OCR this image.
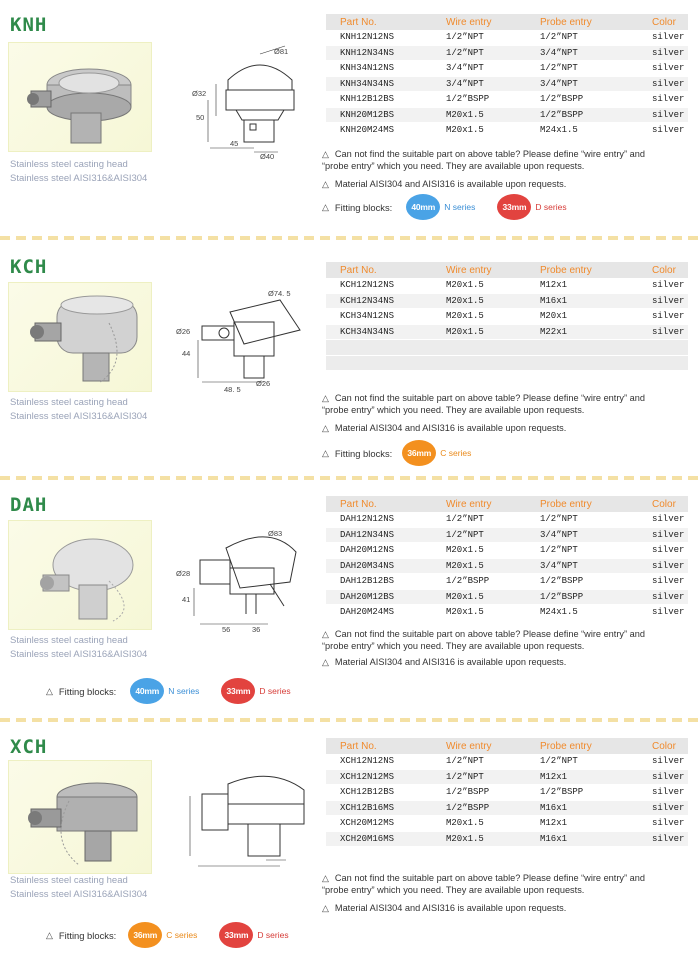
KNH
Stainless steel casting head
Stainless steel AISI316&AISI304
Ø81
Ø32
50
45
Ø40
Part No.	Wire entry	Probe entry	Color
KNH12N12NS	1/2”NPT	1/2”NPT	silver
KNH12N34NS	1/2”NPT	3/4”NPT	silver
KNH34N12NS	3/4”NPT	1/2”NPT	silver
KNH34N34NS	3/4”NPT	3/4”NPT	silver
KNH12B12BS	1/2”BSPP	1/2”BSPP	silver
KNH20M12BS	M20x1.5	1/2”BSPP	silver
KNH20M24MS	M20x1.5	M24x1.5	silver
△ Can not find the suitable part on above table? Please define “wire entry” and
“probe entry” which you need. They are available upon requests.
△ Material AISI304 and AISI316 is available upon requests.
△ Fitting blocks:	40mm	N series	33mm	D series
KCH
Stainless steel casting head
Stainless steel AISI316&AISI304
Ø74. 5
Ø26
44
48. 5
Ø26
Part No.	Wire entry	Probe entry	Color
KCH12N12NS	M20x1.5	M12x1	silver
KCH12N34NS	M20x1.5	M16x1	silver
KCH34N12NS	M20x1.5	M20x1	silver
KCH34N34NS	M20x1.5	M22x1	silver

△ Can not find the suitable part on above table? Please define “wire entry” and
“probe entry” which you need. They are available upon requests.
△ Material AISI304 and AISI316 is available upon requests.
△ Fitting blocks:	36mm	C series
DAH
Stainless steel casting head
Stainless steel AISI316&AISI304
Ø83
Ø28
41
56	36
Part No.	Wire entry	Probe entry	Color
DAH12N12NS	1/2”NPT	1/2”NPT	silver
DAH12N34NS	1/2”NPT	3/4”NPT	silver
DAH20M12NS	M20x1.5	1/2”NPT	silver
DAH20M34NS	M20x1.5	3/4”NPT	silver
DAH12B12BS	1/2”BSPP	1/2”BSPP	silver
DAH20M12BS	M20x1.5	1/2”BSPP	silver
DAH20M24MS	M20x1.5	M24x1.5	silver
△ Can not find the suitable part on above table? Please define “wire entry” and
“probe entry” which you need. They are available upon requests.
△ Material AISI304 and AISI316 is available upon requests.
△ Fitting blocks:	40mm	N series	33mm	D series
XCH
Stainless steel casting head
Stainless steel AISI316&AISI304
Part No.	Wire entry	Probe entry	Color
XCH12N12NS	1/2”NPT	1/2”NPT	silver
XCH12N12MS	1/2”NPT	M12x1	silver
XCH12B12BS	1/2”BSPP	1/2”BSPP	silver
XCH12B16MS	1/2”BSPP	M16x1	silver
XCH20M12MS	M20x1.5	M12x1	silver
XCH20M16MS	M20x1.5	M16x1	silver
△ Can not find the suitable part on above table? Please define “wire entry” and
“probe entry” which you need. They are available upon requests.
△ Material AISI304 and AISI316 is available upon requests.
△ Fitting blocks:	36mm	C series	33mm	D series
